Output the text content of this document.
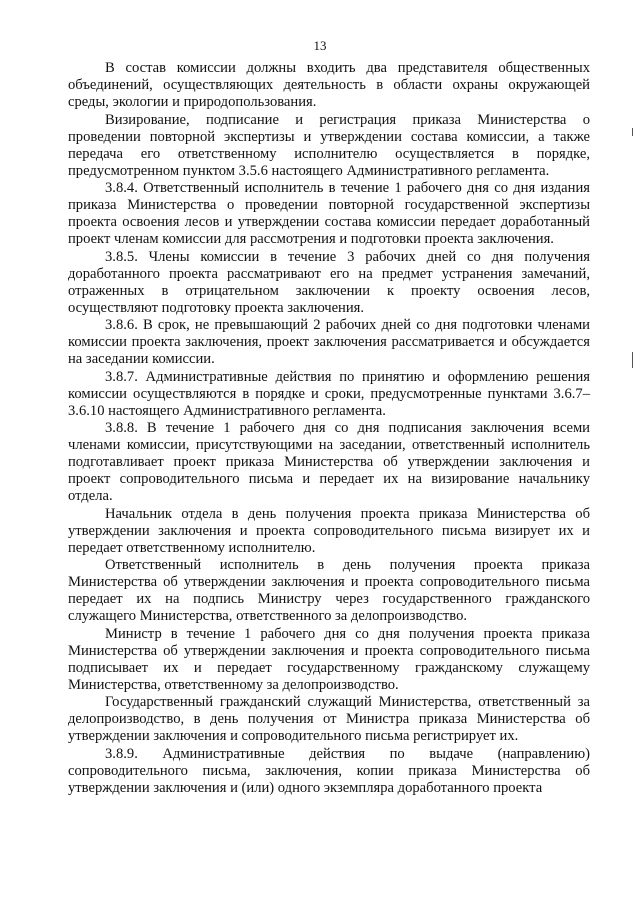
13

В состав комиссии должны входить два представителя общественных объединений, осуществляющих деятельность в области охраны окружающей среды, экологии и природопользования.

Визирование, подписание и регистрация приказа Министерства о проведении повторной экспертизы и утверждении состава комиссии, а также передача его ответственному исполнителю осуществляется в порядке, предусмотренном пунктом 3.5.6 настоящего Административного регламента.

3.8.4. Ответственный исполнитель в течение 1 рабочего дня со дня издания приказа Министерства о проведении повторной государственной экспертизы проекта освоения лесов и утверждении состава комиссии передает доработанный проект членам комиссии для рассмотрения и подготовки проекта заключения.

3.8.5. Члены комиссии в течение 3 рабочих дней со дня получения доработанного проекта рассматривают его на предмет устранения замечаний, отраженных в отрицательном заключении к проекту освоения лесов, осуществляют подготовку проекта заключения.

3.8.6. В срок, не превышающий 2 рабочих дней со дня подготовки членами комиссии проекта заключения, проект заключения рассматривается и обсуждается на заседании комиссии.

3.8.7. Административные действия по принятию и оформлению решения комиссии осуществляются в порядке и сроки, предусмотренные пунктами 3.6.7–3.6.10 настоящего Административного регламента.

3.8.8. В течение 1 рабочего дня со дня подписания заключения всеми членами комиссии, присутствующими на заседании, ответственный исполнитель подготавливает проект приказа Министерства об утверждении заключения и проект сопроводительного письма и передает их на визирование начальнику отдела.

Начальник отдела в день получения проекта приказа Министерства об утверждении заключения и проекта сопроводительного письма визирует их и передает ответственному исполнителю.

Ответственный исполнитель в день получения проекта приказа Министерства об утверждении заключения и проекта сопроводительного письма передает их на подпись Министру через государственного гражданского служащего Министерства, ответственного за делопроизводство.

Министр в течение 1 рабочего дня со дня получения проекта приказа Министерства об утверждении заключения и проекта сопроводительного письма подписывает их и передает государственному гражданскому служащему Министерства, ответственному за делопроизводство.

Государственный гражданский служащий Министерства, ответственный за делопроизводство, в день получения от Министра приказа Министерства об утверждении заключения и сопроводительного письма регистрирует их.

3.8.9. Административные действия по выдаче (направлению) сопроводительного письма, заключения, копии приказа Министерства об утверждении заключения и (или) одного экземпляра доработанного проекта
